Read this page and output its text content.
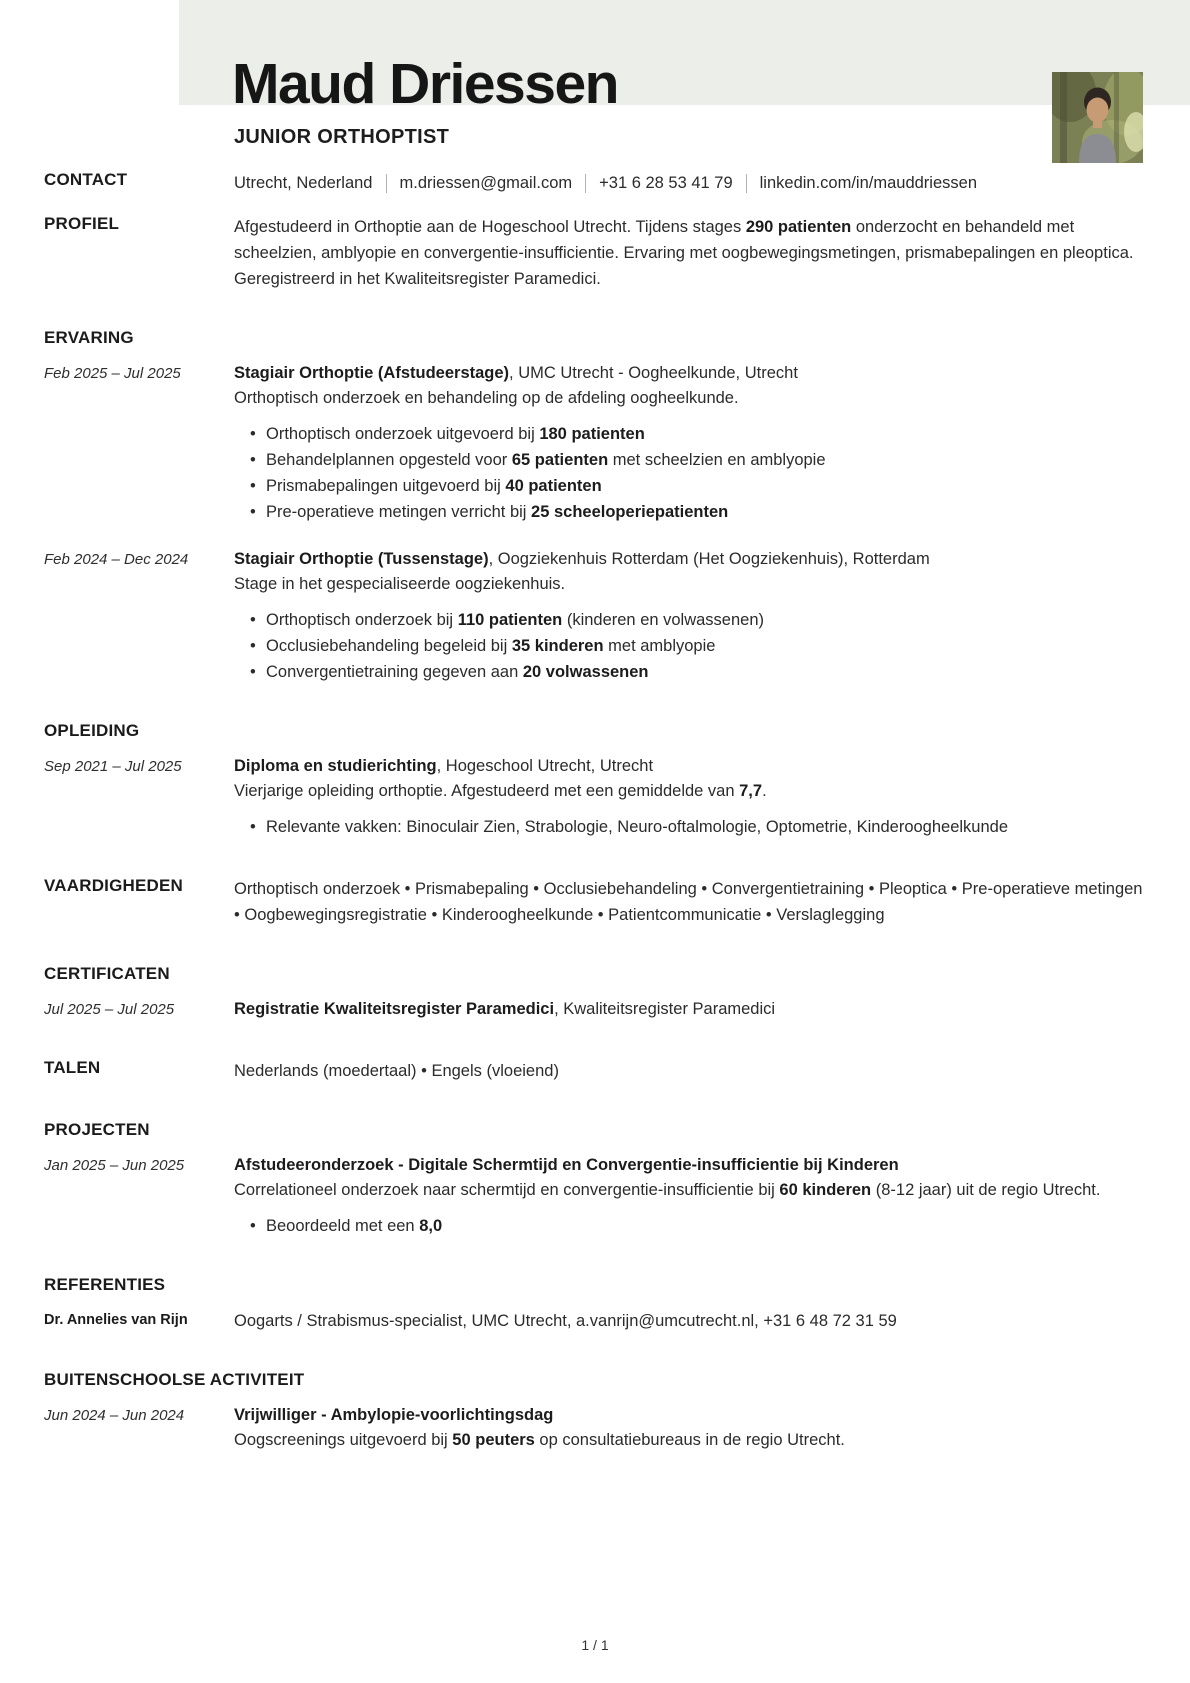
Maud Driessen
JUNIOR ORTHOPTIST
CONTACT	Utrecht, Nederland m.driessen@gmail.com +31 6 28 53 41 79 linkedin.com/in/mauddriessen
PROFIEL	Afgestudeerd in Orthoptie aan de Hogeschool Utrecht. Tijdens stages 290 patienten onderzocht en behandeld met scheelzien, amblyopie en convergentie-insufficientie. Ervaring met oogbewegingsmetingen, prismabepalingen en pleoptica. Geregistreerd in het Kwaliteitsregister Paramedici.
ERVARING
Feb 2025 – Jul 2025	Stagiair Orthoptie (Afstudeerstage), UMC Utrecht - Oogheelkunde, Utrecht
Orthoptisch onderzoek en behandeling op de afdeling oogheelkunde.
• Orthoptisch onderzoek uitgevoerd bij 180 patienten
• Behandelplannen opgesteld voor 65 patienten met scheelzien en amblyopie
• Prismabepalingen uitgevoerd bij 40 patienten
• Pre-operatieve metingen verricht bij 25 scheeloperiepatienten
Feb 2024 – Dec 2024	Stagiair Orthoptie (Tussenstage), Oogziekenhuis Rotterdam (Het Oogziekenhuis), Rotterdam
Stage in het gespecialiseerde oogziekenhuis.
• Orthoptisch onderzoek bij 110 patienten (kinderen en volwassenen)
• Occlusiebehandeling begeleid bij 35 kinderen met amblyopie
• Convergentietraining gegeven aan 20 volwassenen
OPLEIDING
Sep 2021 – Jul 2025	Diploma en studierichting, Hogeschool Utrecht, Utrecht
Vierjarige opleiding orthoptie. Afgestudeerd met een gemiddelde van 7,7.
• Relevante vakken: Binoculair Zien, Strabologie, Neuro-oftalmologie, Optometrie, Kinderoogheelkunde
VAARDIGHEDEN	Orthoptisch onderzoek • Prismabepaling • Occlusiebehandeling • Convergentietraining • Pleoptica • Pre-operatieve metingen • Oogbewegingsregistratie • Kinderoogheelkunde • Patientcommunicatie • Verslaglegging
CERTIFICATEN
Jul 2025 – Jul 2025	Registratie Kwaliteitsregister Paramedici, Kwaliteitsregister Paramedici
TALEN	Nederlands (moedertaal) • Engels (vloeiend)
PROJECTEN
Jan 2025 – Jun 2025	Afstudeeronderzoek - Digitale Schermtijd en Convergentie-insufficientie bij Kinderen
Correlationeel onderzoek naar schermtijd en convergentie-insufficientie bij 60 kinderen (8-12 jaar) uit de regio Utrecht.
• Beoordeeld met een 8,0
REFERENTIES
Dr. Annelies van Rijn	Oogarts / Strabismus-specialist, UMC Utrecht, a.vanrijn@umcutrecht.nl, +31 6 48 72 31 59
BUITENSCHOOLSE ACTIVITEIT
Jun 2024 – Jun 2024	Vrijwilliger - Ambylopie-voorlichtingsdag
Oogscreenings uitgevoerd bij 50 peuters op consultatiebureaus in de regio Utrecht.
1 / 1
